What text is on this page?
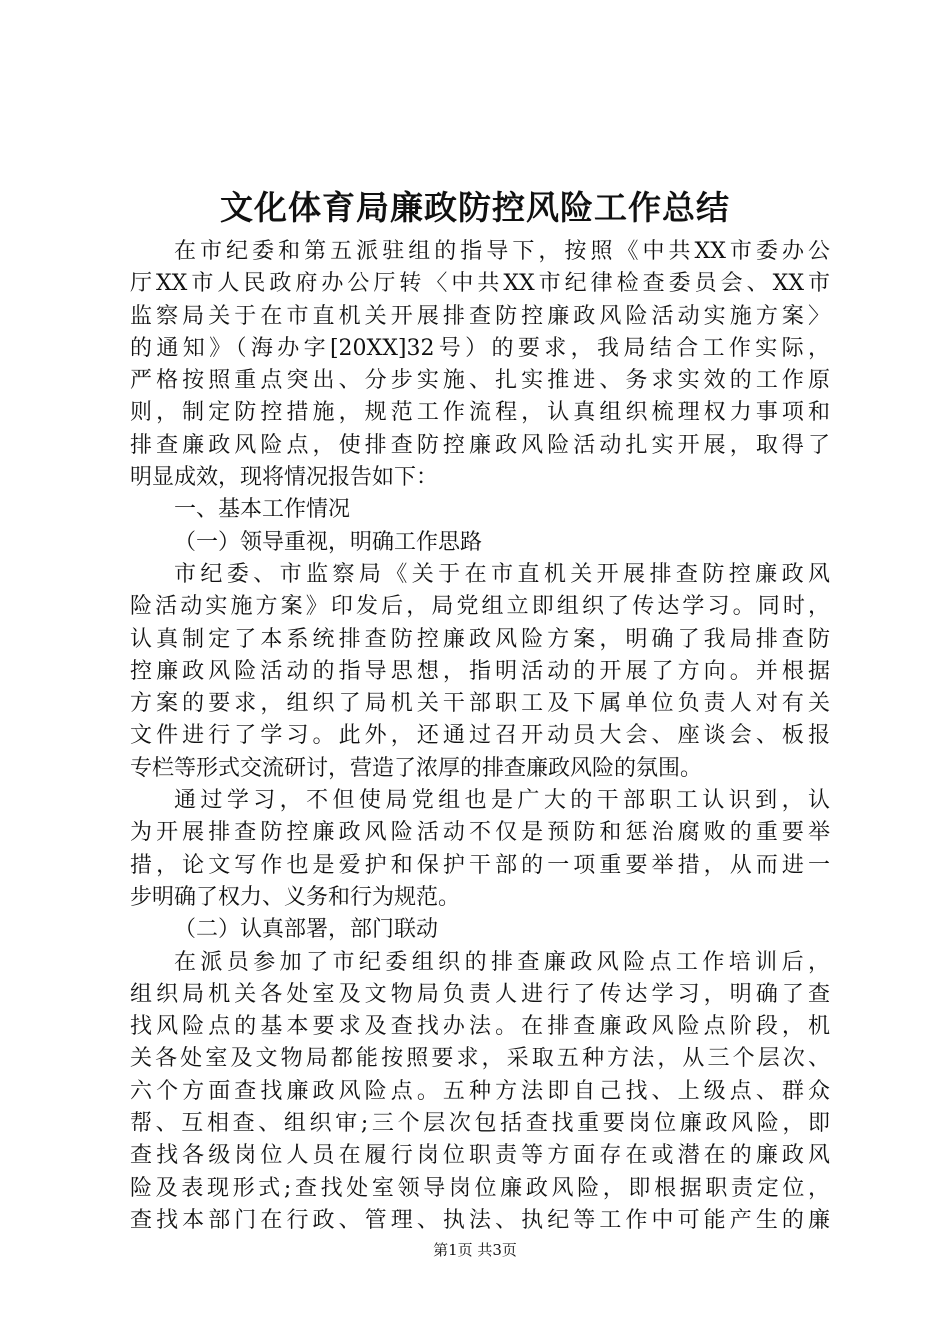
文化体育局廉政防控风险工作总结
在市纪委和第五派驻组的指导下，按照《中共XX市委办公
厅XX市人民政府办公厅转〈中共XX市纪律检查委员会、XX市
监察局关于在市直机关开展排查防控廉政风险活动实施方案〉
的通知》（海办字[20XX]32号）的要求，我局结合工作实际，
严格按照重点突出、分步实施、扎实推进、务求实效的工作原
则，制定防控措施，规范工作流程，认真组织梳理权力事项和
排查廉政风险点，使排查防控廉政风险活动扎实开展，取得了
明显成效，现将情况报告如下：
一、基本工作情况
（一）领导重视，明确工作思路
市纪委、市监察局《关于在市直机关开展排查防控廉政风
险活动实施方案》印发后，局党组立即组织了传达学习。同时，
认真制定了本系统排查防控廉政风险方案，明确了我局排查防
控廉政风险活动的指导思想，指明活动的开展了方向。并根据
方案的要求，组织了局机关干部职工及下属单位负责人对有关
文件进行了学习。此外，还通过召开动员大会、座谈会、板报
专栏等形式交流研讨，营造了浓厚的排查廉政风险的氛围。
通过学习，不但使局党组也是广大的干部职工认识到，认
为开展排查防控廉政风险活动不仅是预防和惩治腐败的重要举
措，论文写作也是爱护和保护干部的一项重要举措，从而进一
步明确了权力、义务和行为规范。
（二）认真部署，部门联动
在派员参加了市纪委组织的排查廉政风险点工作培训后，
组织局机关各处室及文物局负责人进行了传达学习，明确了查
找风险点的基本要求及查找办法。在排查廉政风险点阶段，机
关各处室及文物局都能按照要求，采取五种方法，从三个层次、
六个方面查找廉政风险点。五种方法即自己找、上级点、群众
帮、互相查、组织审;三个层次包括查找重要岗位廉政风险，即
查找各级岗位人员在履行岗位职责等方面存在或潜在的廉政风
险及表现形式;查找处室领导岗位廉政风险，即根据职责定位，
查找本部门在行政、管理、执法、执纪等工作中可能产生的廉
第1页 共3页
